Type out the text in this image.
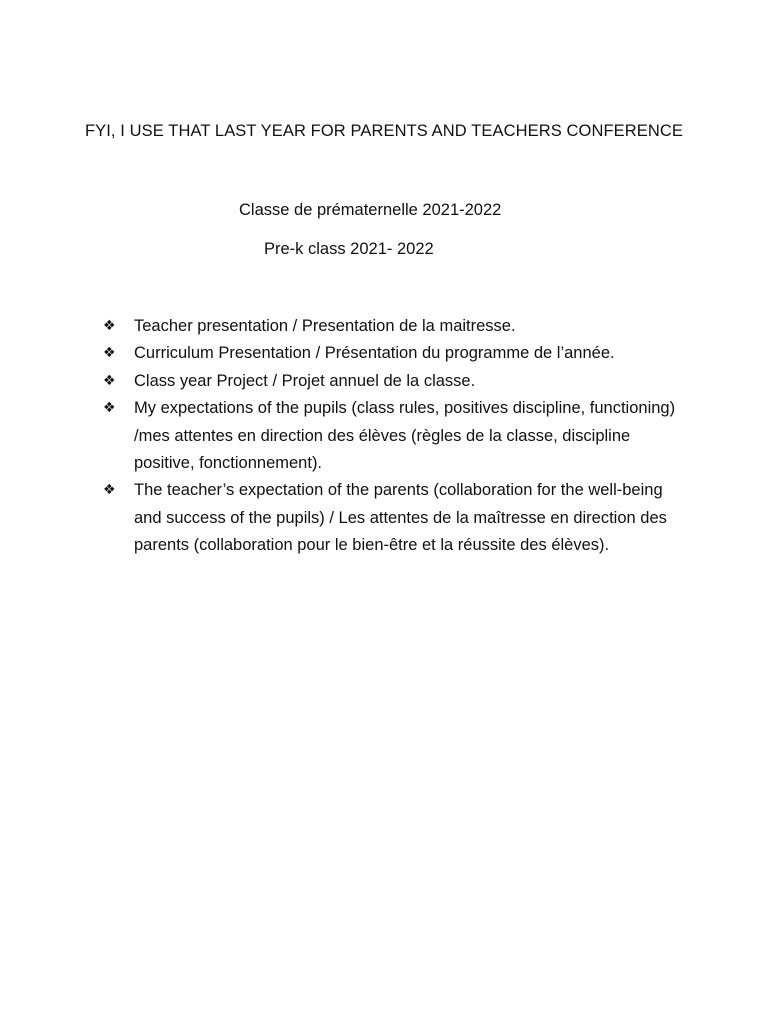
FYI, I USE THAT LAST YEAR FOR PARENTS AND TEACHERS CONFERENCE
Classe de prématernelle 2021-2022
Pre-k class 2021- 2022
❖ Teacher presentation / Presentation de la maitresse.
❖ Curriculum Presentation / Présentation du programme de l’année.
❖ Class year Project / Projet annuel de la classe.
❖ My expectations of the pupils (class rules, positives discipline, functioning) /mes attentes en direction des élèves (règles de la classe, discipline positive, fonctionnement).
❖ The teacher’s expectation of the parents (collaboration for the well-being and success of the pupils) / Les attentes de la maîtresse en direction des parents (collaboration pour le bien-être et la réussite des élèves).
